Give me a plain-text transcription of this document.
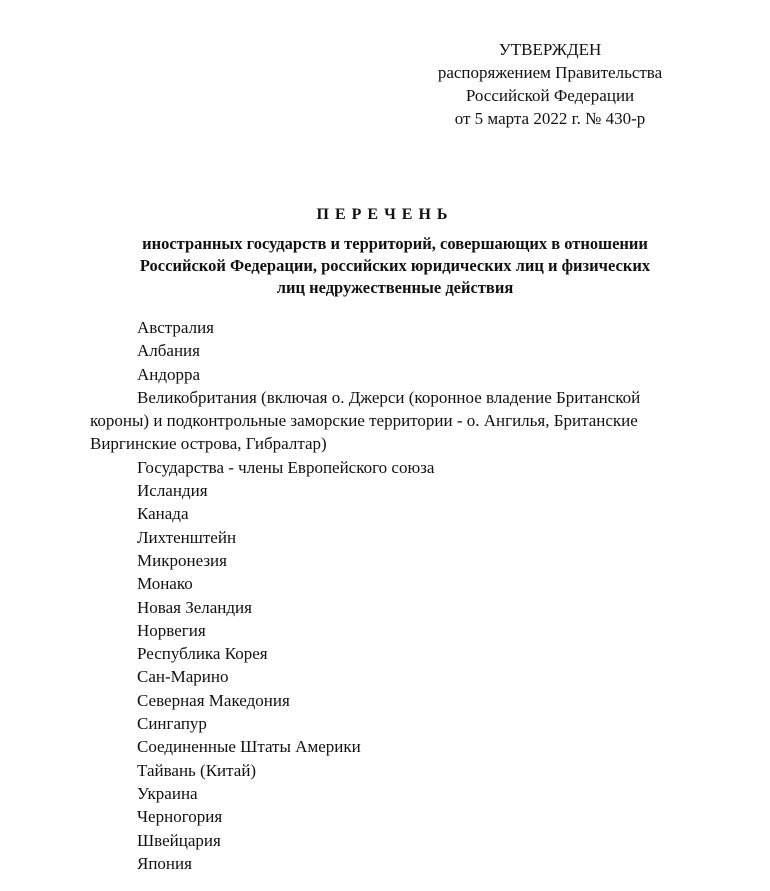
УТВЕРЖДЕН
распоряжением Правительства
Российской Федерации
от 5 марта 2022 г. № 430-р
ПЕРЕЧЕНЬ
иностранных государств и территорий, совершающих в отношении
Российской Федерации, российских юридических лиц и физических
лиц недружественные действия
Австралия
Албания
Андорра
Великобритания (включая о. Джерси (коронное владение Британской
короны) и подконтрольные заморские территории - о. Ангилья, Британские
Виргинские острова, Гибралтар)
Государства - члены Европейского союза
Исландия
Канада
Лихтенштейн
Микронезия
Монако
Новая Зеландия
Норвегия
Республика Корея
Сан-Марино
Северная Македония
Сингапур
Соединенные Штаты Америки
Тайвань (Китай)
Украина
Черногория
Швейцария
Япония
